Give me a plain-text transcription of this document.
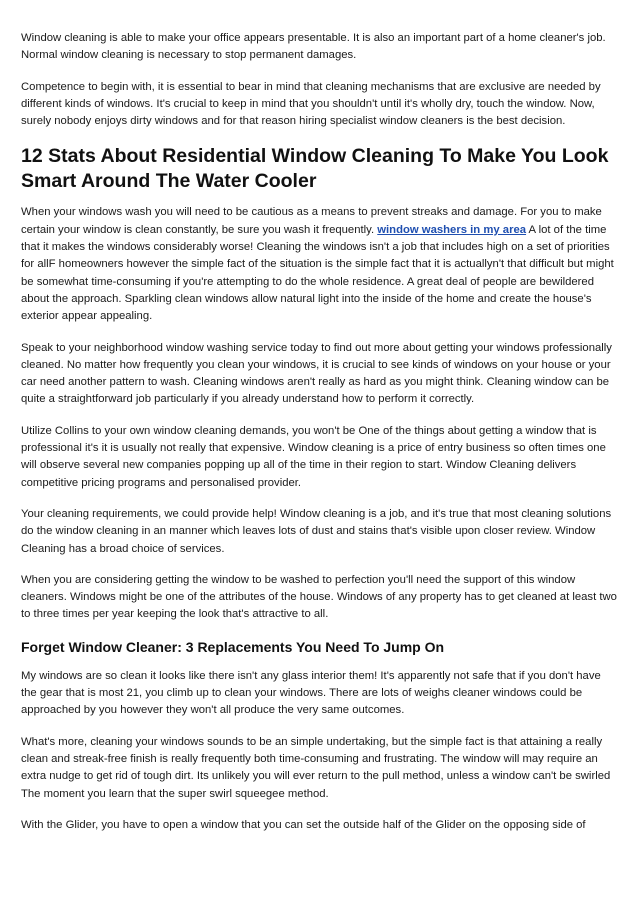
Window cleaning is able to make your office appears presentable. It is also an important part of a home cleaner's job. Normal window cleaning is necessary to stop permanent damages.

Competence to begin with, it is essential to bear in mind that cleaning mechanisms that are exclusive are needed by different kinds of windows. It's crucial to keep in mind that you shouldn't until it's wholly dry, touch the window. Now, surely nobody enjoys dirty windows and for that reason hiring specialist window cleaners is the best decision.

12 Stats About Residential Window Cleaning To Make You Look Smart Around The Water Cooler

When your windows wash you will need to be cautious as a means to prevent streaks and damage. For you to make certain your window is clean constantly, be sure you wash it frequently. window washers in my area A lot of the time that it makes the windows considerably worse! Cleaning the windows isn't a job that includes high on a set of priorities for allF homeowners however the simple fact of the situation is the simple fact that it is actuallyn't that difficult but might be somewhat time-consuming if you're attempting to do the whole residence. A great deal of people are bewildered about the approach. Sparkling clean windows allow natural light into the inside of the home and create the house's exterior appear appealing.

Speak to your neighborhood window washing service today to find out more about getting your windows professionally cleaned. No matter how frequently you clean your windows, it is crucial to see kinds of windows on your house or your car need another pattern to wash. Cleaning windows aren't really as hard as you might think. Cleaning window can be quite a straightforward job particularly if you already understand how to perform it correctly.

Utilize Collins to your own window cleaning demands, you won't be One of the things about getting a window that is professional it's it is usually not really that expensive. Window cleaning is a price of entry business so often times one will observe several new companies popping up all of the time in their region to start. Window Cleaning delivers competitive pricing programs and personalised provider.

Your cleaning requirements, we could provide help! Window cleaning is a job, and it's true that most cleaning solutions do the window cleaning in an manner which leaves lots of dust and stains that's visible upon closer review. Window Cleaning has a broad choice of services.

When you are considering getting the window to be washed to perfection you'll need the support of this window cleaners. Windows might be one of the attributes of the house. Windows of any property has to get cleaned at least two to three times per year keeping the look that's attractive to all.

Forget Window Cleaner: 3 Replacements You Need To Jump On

My windows are so clean it looks like there isn't any glass interior them! It's apparently not safe that if you don't have the gear that is most 21, you climb up to clean your windows. There are lots of weighs cleaner windows could be approached by you however they won't all produce the very same outcomes.

What's more, cleaning your windows sounds to be an simple undertaking, but the simple fact is that attaining a really clean and streak-free finish is really frequently both time-consuming and frustrating. The window will may require an extra nudge to get rid of tough dirt. Its unlikely you will ever return to the pull method, unless a window can't be swirled The moment you learn that the super swirl squeegee method.

With the Glider, you have to open a window that you can set the outside half of the Glider on the opposing side of
